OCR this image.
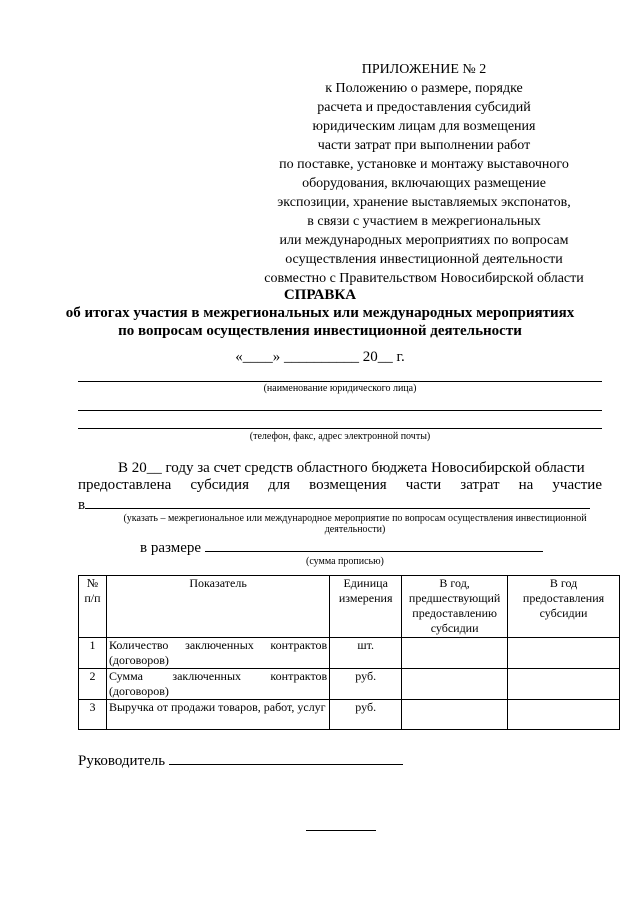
ПРИЛОЖЕНИЕ № 2
к Положению о размере, порядке
расчета и предоставления субсидий
юридическим лицам для возмещения
части затрат при выполнении работ
по поставке, установке и монтажу выставочного
оборудования, включающих размещение
экспозиции, хранение выставляемых экспонатов,
в связи с участием в межрегиональных
или международных мероприятиях по вопросам
осуществления инвестиционной деятельности
совместно с Правительством Новосибирской области
СПРАВКА
об итогах участия в межрегиональных или международных мероприятиях
по вопросам осуществления инвестиционной деятельности
«____» __________ 20__ г.
(наименование юридического лица)
(телефон, факс, адрес электронной почты)
В 20__ году за счет средств областного бюджета Новосибирской области
предоставлена субсидия для возмещения части затрат на участие
в
(указать – межрегиональное или международное мероприятие по вопросам осуществления инвестиционной деятельности)
в размере
(сумма прописью)
№ п/п	Показатель	Единица измерения	В год, предшествующий предоставлению субсидии	В год предоставления субсидии
1	Количество заключенных контрактов (договоров)	шт.		
2	Сумма заключенных контрактов (договоров)	руб.		
3	Выручка от продажи товаров, работ, услуг	руб.		
Руководитель
